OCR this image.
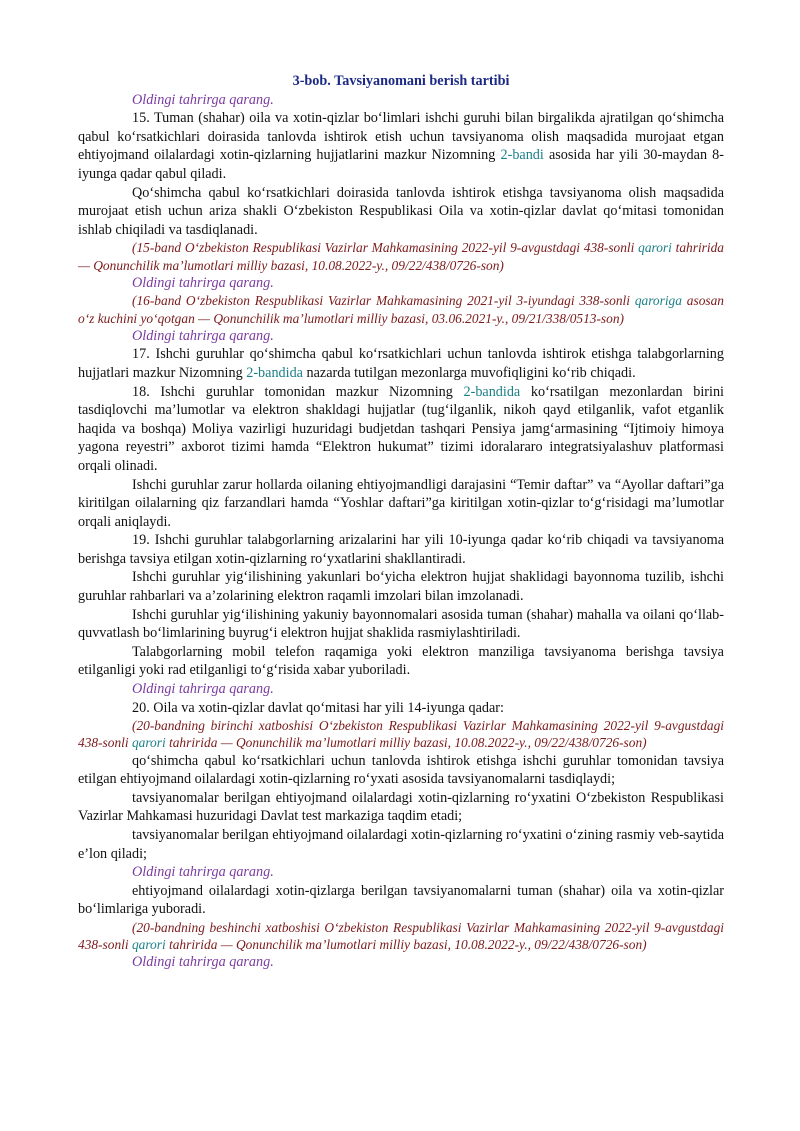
3-bob. Tavsiyanomani berish tartibi
Oldingi tahrirga qarang.
15. Tuman (shahar) oila va xotin-qizlar bo‘limlari ishchi guruhi bilan birgalikda ajratilgan qo‘shimcha qabul ko‘rsatkichlari doirasida tanlovda ishtirok etish uchun tavsiyanoma olish maqsadida murojaat etgan ehtiyojmand oilalardagi xotin-qizlarning hujjatlarini mazkur Nizomning 2-bandi asosida har yili 30-maydan 8-iyunga qadar qabul qiladi.
Qo‘shimcha qabul ko‘rsatkichlari doirasida tanlovda ishtirok etishga tavsiyanoma olish maqsadida murojaat etish uchun ariza shakli O‘zbekiston Respublikasi Oila va xotin-qizlar davlat qo‘mitasi tomonidan ishlab chiqiladi va tasdiqlanadi.
(15-band O‘zbekiston Respublikasi Vazirlar Mahkamasining 2022-yil 9-avgustdagi 438-sonli qarori tahririda — Qonunchilik ma’lumotlari milliy bazasi, 10.08.2022-y., 09/22/438/0726-son)
Oldingi tahrirga qarang.
(16-band O‘zbekiston Respublikasi Vazirlar Mahkamasining 2021-yil 3-iyundagi 338-sonli qaroriga asosan o‘z kuchini yo‘qotgan — Qonunchilik ma’lumotlari milliy bazasi, 03.06.2021-y., 09/21/338/0513-son)
Oldingi tahrirga qarang.
17. Ishchi guruhlar qo‘shimcha qabul ko‘rsatkichlari uchun tanlovda ishtirok etishga talabgorlarning hujjatlari mazkur Nizomning 2-bandida nazarda tutilgan mezonlarga muvofiqligini ko‘rib chiqadi.
18. Ishchi guruhlar tomonidan mazkur Nizomning 2-bandida ko‘rsatilgan mezonlardan birini tasdiqlovchi ma’lumotlar va elektron shakldagi hujjatlar (tug‘ilganlik, nikoh qayd etilganlik, vafot etganlik haqida va boshqa) Moliya vazirligi huzuridagi budjetdan tashqari Pensiya jamg‘armasining “Ijtimoiy himoya yagona reyestri” axborot tizimi hamda “Elektron hukumat” tizimi idoralararo integratsiyalashuv platformasi orqali olinadi.
Ishchi guruhlar zarur hollarda oilaning ehtiyojmandligi darajasini “Temir daftar” va “Ayollar daftari”ga kiritilgan oilalarning qiz farzandlari hamda “Yoshlar daftari”ga kiritilgan xotin-qizlar to‘g‘risidagi ma’lumotlar orqali aniqlaydi.
19. Ishchi guruhlar talabgorlarning arizalarini har yili 10-iyunga qadar ko‘rib chiqadi va tavsiyanoma berishga tavsiya etilgan xotin-qizlarning ro‘yxatlarini shakllantiradi.
Ishchi guruhlar yig‘ilishining yakunlari bo‘yicha elektron hujjat shaklidagi bayonnoma tuzilib, ishchi guruhlar rahbarlari va a’zolarining elektron raqamli imzolari bilan imzolanadi.
Ishchi guruhlar yig‘ilishining yakuniy bayonnomalari asosida tuman (shahar) mahalla va oilani qo‘llab-quvvatlash bo‘limlarining buyrug‘i elektron hujjat shaklida rasmiylashtiriladi.
Talabgorlarning mobil telefon raqamiga yoki elektron manziliga tavsiyanoma berishga tavsiya etilganligi yoki rad etilganligi to‘g‘risida xabar yuboriladi.
Oldingi tahrirga qarang.
20. Oila va xotin-qizlar davlat qo‘mitasi har yili 14-iyunga qadar:
(20-bandning birinchi xatboshisi O‘zbekiston Respublikasi Vazirlar Mahkamasining 2022-yil 9-avgustdagi 438-sonli qarori tahririda — Qonunchilik ma’lumotlari milliy bazasi, 10.08.2022-y., 09/22/438/0726-son)
qo‘shimcha qabul ko‘rsatkichlari uchun tanlovda ishtirok etishga ishchi guruhlar tomonidan tavsiya etilgan ehtiyojmand oilalardagi xotin-qizlarning ro‘yxati asosida tavsiyanomalarni tasdiqlaydi;
tavsiyanomalar berilgan ehtiyojmand oilalardagi xotin-qizlarning ro‘yxatini O‘zbekiston Respublikasi Vazirlar Mahkamasi huzuridagi Davlat test markaziga taqdim etadi;
tavsiyanomalar berilgan ehtiyojmand oilalardagi xotin-qizlarning ro‘yxatini o‘zining rasmiy veb-saytida e’lon qiladi;
Oldingi tahrirga qarang.
ehtiyojmand oilalardagi xotin-qizlarga berilgan tavsiyanomalarni tuman (shahar) oila va xotin-qizlar bo‘limlariga yuboradi.
(20-bandning beshinchi xatboshisi O‘zbekiston Respublikasi Vazirlar Mahkamasining 2022-yil 9-avgustdagi 438-sonli qarori tahririda — Qonunchilik ma’lumotlari milliy bazasi, 10.08.2022-y., 09/22/438/0726-son)
Oldingi tahrirga qarang.
